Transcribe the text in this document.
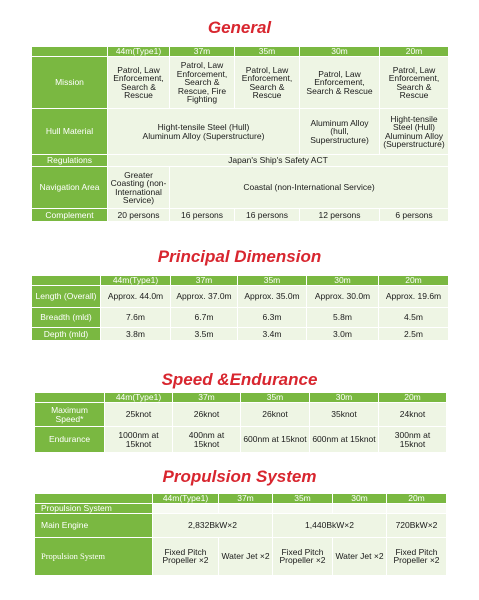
General
	44m(Type1)	37m	35m	30m	20m
Mission	Patrol, Law Enforcement, Search & Rescue	Patrol, Law Enforcement, Search & Rescue, Fire Fighting	Patrol, Law Enforcement, Search & Rescue	Patrol, Law Enforcement, Search & Rescue	Patrol, Law Enforcement, Search & Rescue
Hull Material	Hight-tensile Steel (Hull) Aluminum Alloy (Superstructure)			Aluminum Alloy (hull, Superstructure)	Hight-tensile Steel (Hull) Aluminum Alloy (Superstructure)
Regulations	Japan's Ship's Safety ACT				
Navigation Area	Greater Coasting (non-International Service)	Coastal (non-International Service)			
Complement	20 persons	16 persons	16 persons	12 persons	6 persons
Principal Dimension
	44m(Type1)	37m	35m	30m	20m
Length (Overall)	Approx. 44.0m	Approx. 37.0m	Approx. 35.0m	Approx. 30.0m	Approx. 19.6m
Breadth (mld)	7.6m	6.7m	6.3m	5.8m	4.5m
Depth (mld)	3.8m	3.5m	3.4m	3.0m	2.5m
Speed &Endurance
	44m(Type1)	37m	35m	30m	20m
Maximum Speed*	25knot	26knot	26knot	35knot	24knot
Endurance	1000nm at 15knot	400nm at 15knot	600nm at 15knot	600nm at 15knot	300nm at 15knot
Propulsion System
	44m(Type1)	37m	35m	30m	20m
Propulsion System					
Main Engine	2,832BkW×2		1,440BkW×2		720BkW×2
Propulsion System	Fixed Pitch Propeller ×2	Water Jet ×2	Fixed Pitch Propeller ×2	Water Jet ×2	Fixed Pitch Propeller ×2
